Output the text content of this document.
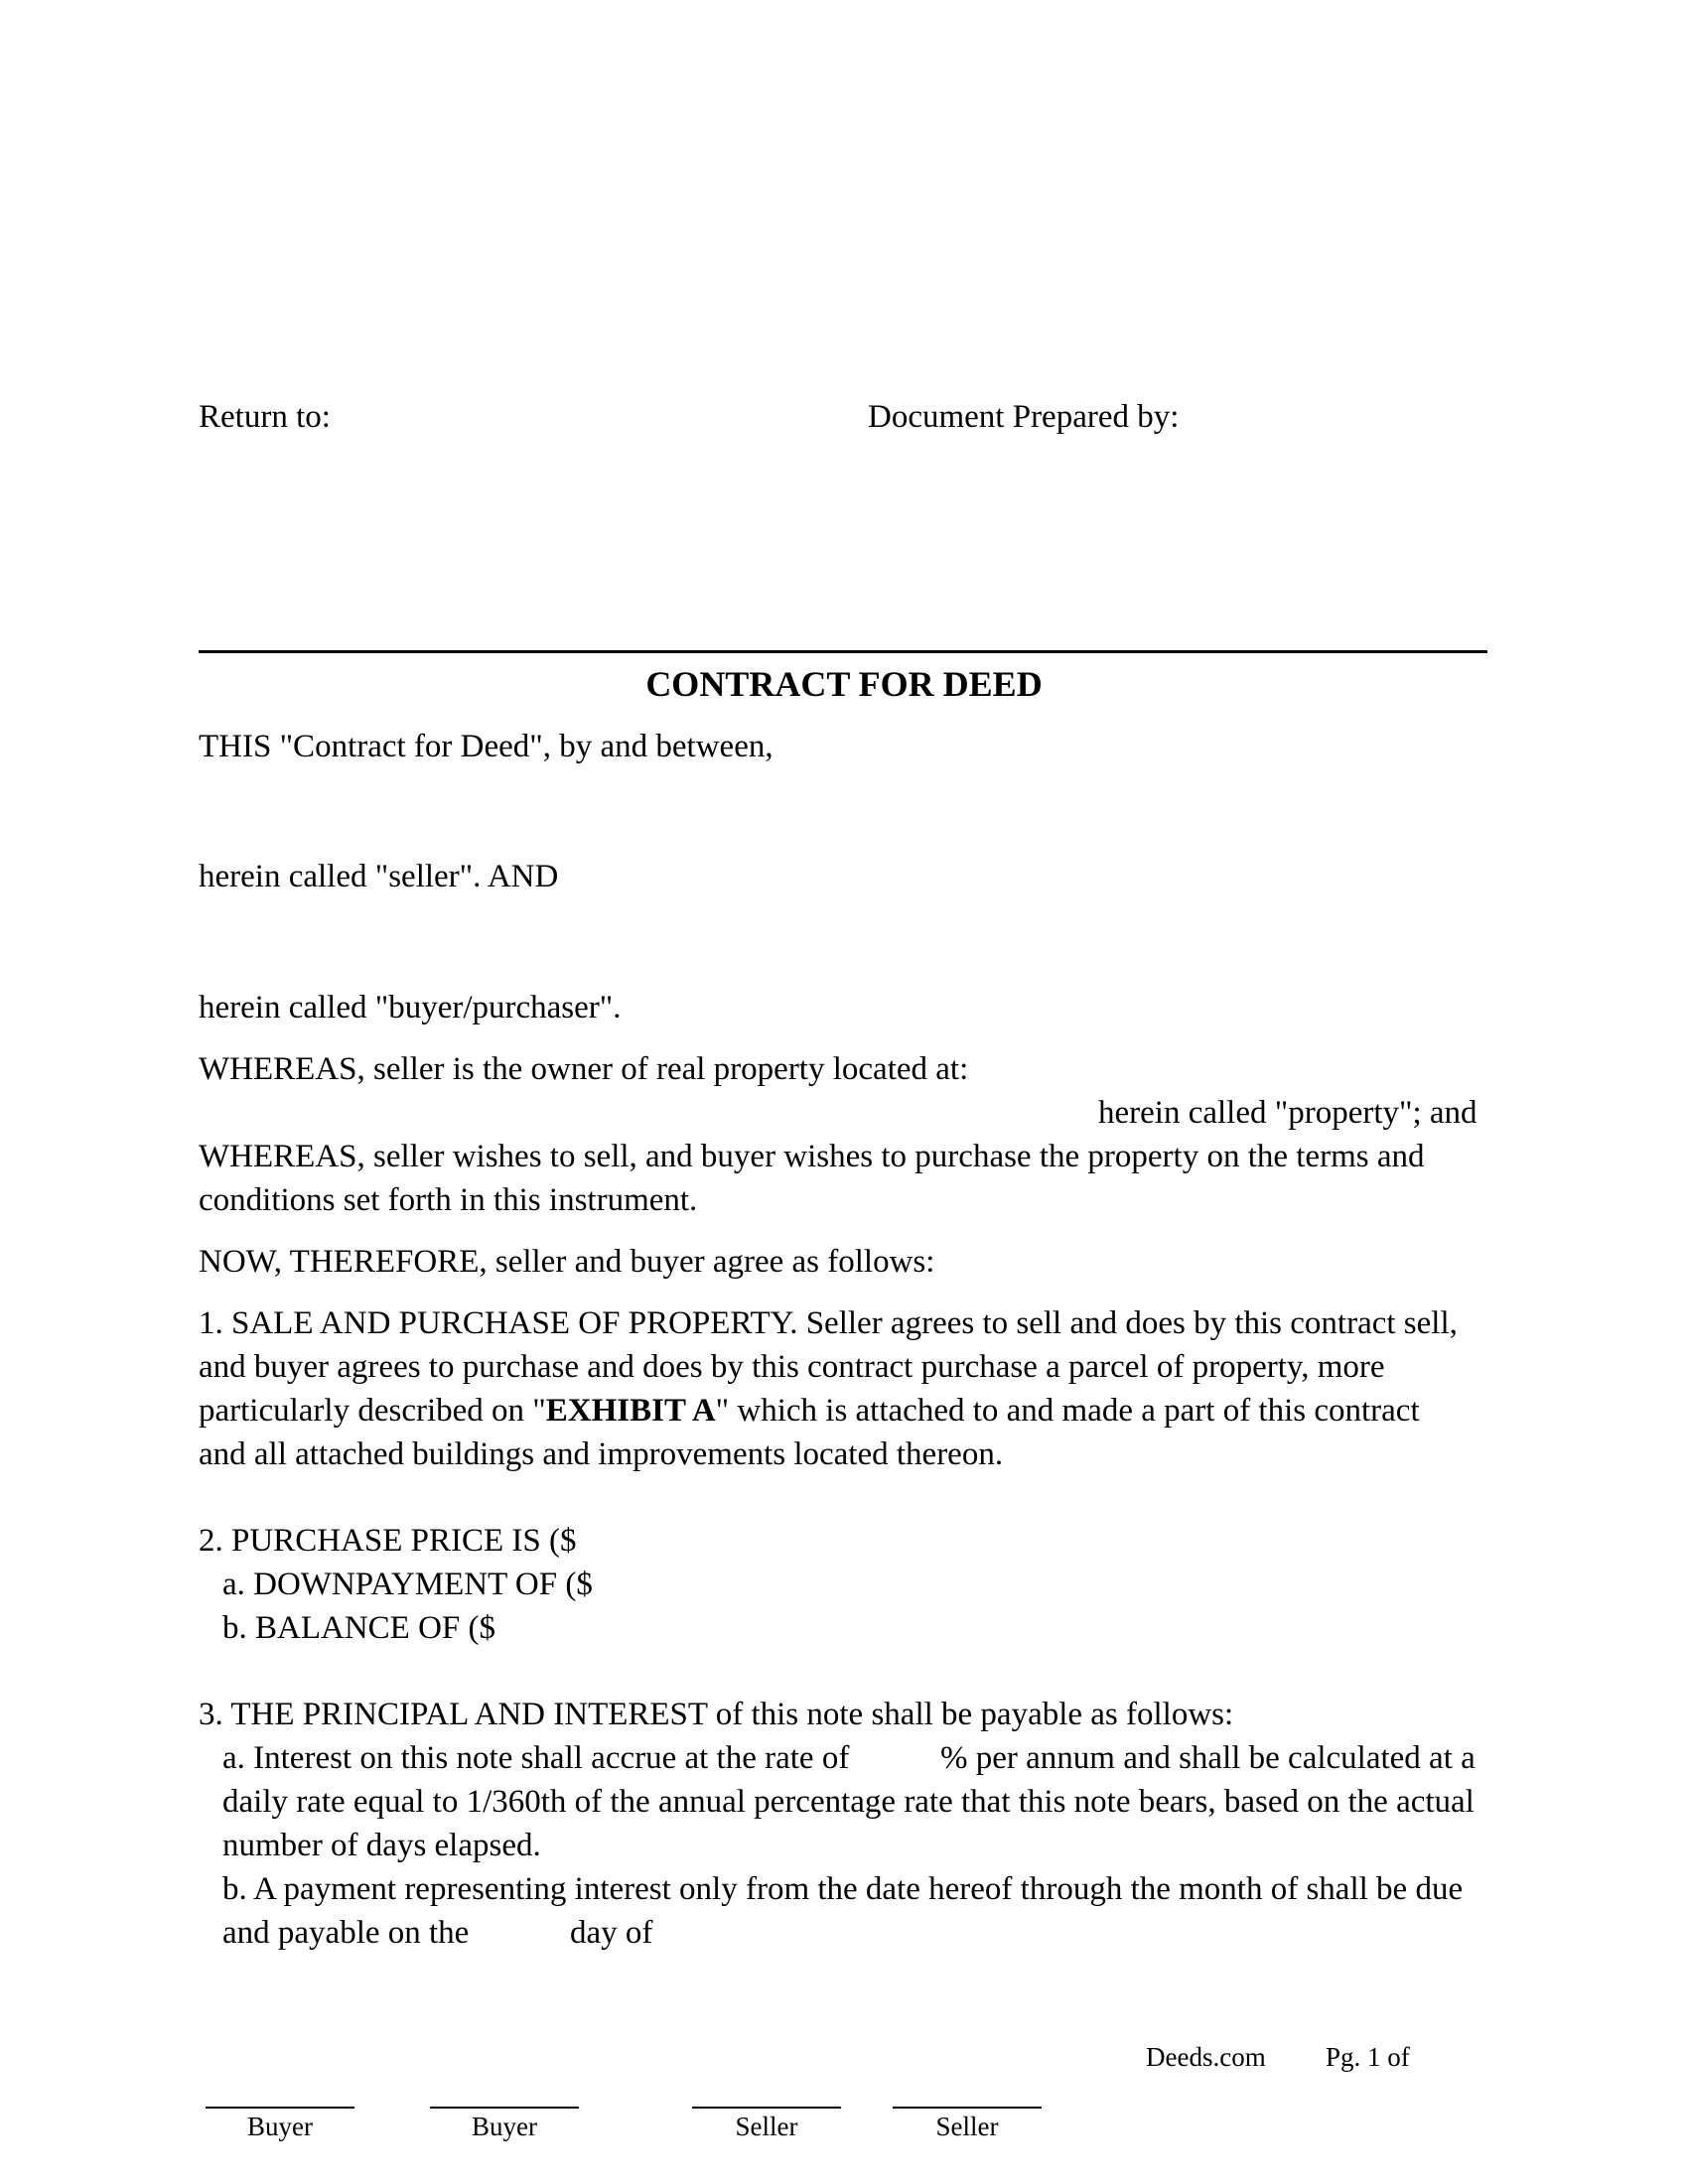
Return to:	Document Prepared by:
CONTRACT FOR DEED
THIS "Contract for Deed", by and between,
herein called "seller". AND
herein called "buyer/purchaser".
WHEREAS, seller is the owner of real property located at:
herein called "property"; and
WHEREAS, seller wishes to sell, and buyer wishes to purchase the property on the terms and
conditions set forth in this instrument.
NOW, THEREFORE, seller and buyer agree as follows:
1. SALE AND PURCHASE OF PROPERTY. Seller agrees to sell and does by this contract sell,
and buyer agrees to purchase and does by this contract purchase a parcel of property, more
particularly described on "EXHIBIT A" which is attached to and made a part of this contract
and all attached buildings and improvements located thereon.
2. PURCHASE PRICE IS ($
a. DOWNPAYMENT OF ($
b. BALANCE OF ($
3. THE PRINCIPAL AND INTEREST of this note shall be payable as follows:
a. Interest on this note shall accrue at the rate of	% per annum and shall be calculated at a
daily rate equal to 1/360th of the annual percentage rate that this note bears, based on the actual
number of days elapsed.
b. A payment representing interest only from the date hereof through the month of shall be due
and payable on the	day of
Deeds.com Pg. 1 of
Buyer	Buyer	Seller	Seller
